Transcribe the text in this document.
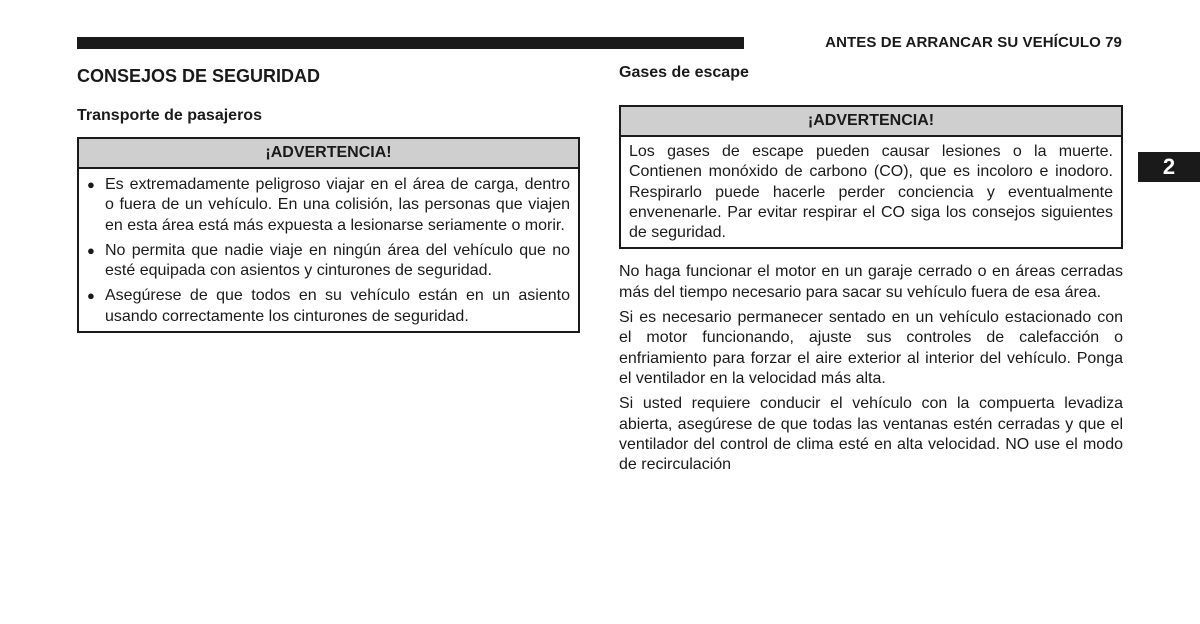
ANTES DE ARRANCAR SU VEHÍCULO 79
2
CONSEJOS DE SEGURIDAD
Transporte de pasajeros
¡ADVERTENCIA!
● Es extremadamente peligroso viajar en el área de carga, dentro o fuera de un vehículo. En una colisión, las personas que viajen en esta área está más expuesta a lesionarse seriamente o morir.
● No permita que nadie viaje en ningún área del vehículo que no esté equipada con asientos y cinturones de seguridad.
● Asegúrese de que todos en su vehículo están en un asiento usando correctamente los cinturones de seguridad.
Gases de escape
¡ADVERTENCIA!
Los gases de escape pueden causar lesiones o la muerte. Contienen monóxido de carbono (CO), que es incoloro e inodoro. Respirarlo puede hacerle perder conciencia y eventualmente envenenarle. Par evitar respirar el CO siga los consejos siguientes de seguridad.

No haga funcionar el motor en un garaje cerrado o en áreas cerradas más del tiempo necesario para sacar su vehículo fuera de esa área.

Si es necesario permanecer sentado en un vehículo estacionado con el motor funcionando, ajuste sus controles de calefacción o enfriamiento para forzar el aire exterior al interior del vehículo. Ponga el ventilador en la velocidad más alta.

Si usted requiere conducir el vehículo con la compuerta levadiza abierta, asegúrese de que todas las ventanas estén cerradas y que el ventilador del control de clima esté en alta velocidad. NO use el modo de recirculación
